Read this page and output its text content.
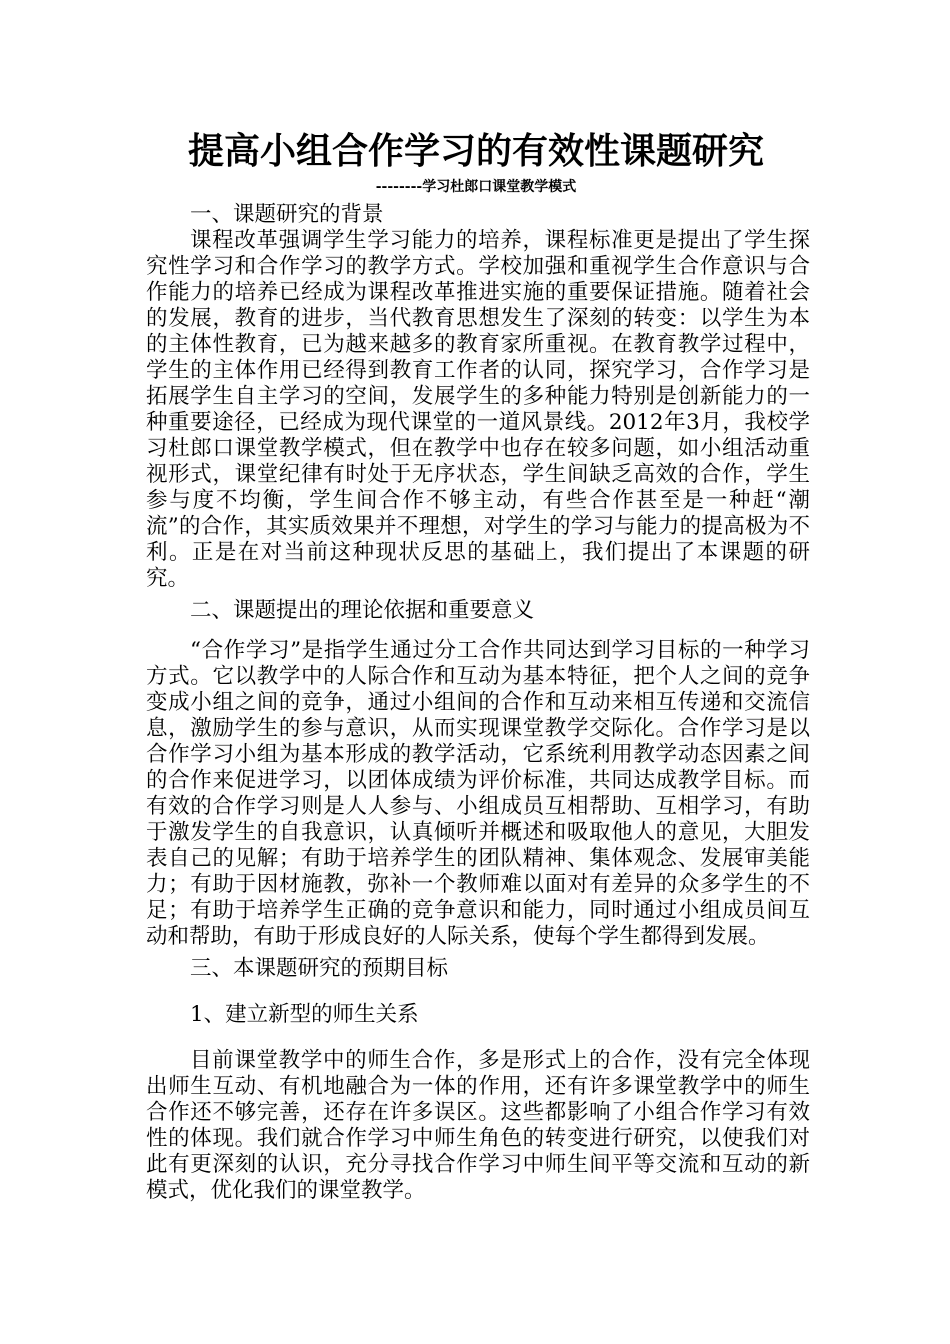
提高小组合作学习的有效性课题研究
--------学习杜郎口课堂教学模式

一、课题研究的背景

课程改革强调学生学习能力的培养，课程标准更是提出了学生探究性学习和合作学习的教学方式。学校加强和重视学生合作意识与合作能力的培养已经成为课程改革推进实施的重要保证措施。随着社会的发展，教育的进步，当代教育思想发生了深刻的转变：以学生为本的主体性教育，已为越来越多的教育家所重视。在教育教学过程中，学生的主体作用已经得到教育工作者的认同，探究学习，合作学习是拓展学生自主学习的空间，发展学生的多种能力特别是创新能力的一种重要途径，已经成为现代课堂的一道风景线。2012年3月，我校学习杜郎口课堂教学模式，但在教学中也存在较多问题，如小组活动重视形式，课堂纪律有时处于无序状态，学生间缺乏高效的合作，学生参与度不均衡，学生间合作不够主动，有些合作甚至是一种赶“潮流”的合作，其实质效果并不理想，对学生的学习与能力的提高极为不利。正是在对当前这种现状反思的基础上，我们提出了本课题的研究。

二、课题提出的理论依据和重要意义

“合作学习”是指学生通过分工合作共同达到学习目标的一种学习方式。它以教学中的人际合作和互动为基本特征，把个人之间的竞争变成小组之间的竞争，通过小组间的合作和互动来相互传递和交流信息，激励学生的参与意识，从而实现课堂教学交际化。合作学习是以合作学习小组为基本形成的教学活动，它系统利用教学动态因素之间的合作来促进学习，以团体成绩为评价标准，共同达成教学目标。而有效的合作学习则是人人参与、小组成员互相帮助、互相学习，有助于激发学生的自我意识，认真倾听并概述和吸取他人的意见，大胆发表自己的见解；有助于培养学生的团队精神、集体观念、发展审美能力；有助于因材施教，弥补一个教师难以面对有差异的众多学生的不足；有助于培养学生正确的竞争意识和能力，同时通过小组成员间互动和帮助，有助于形成良好的人际关系，使每个学生都得到发展。

三、本课题研究的预期目标

1、建立新型的师生关系

目前课堂教学中的师生合作，多是形式上的合作，没有完全体现出师生互动、有机地融合为一体的作用，还有许多课堂教学中的师生合作还不够完善，还存在许多误区。这些都影响了小组合作学习有效性的体现。我们就合作学习中师生角色的转变进行研究，以使我们对此有更深刻的认识，充分寻找合作学习中师生间平等交流和互动的新模式，优化我们的课堂教学。
